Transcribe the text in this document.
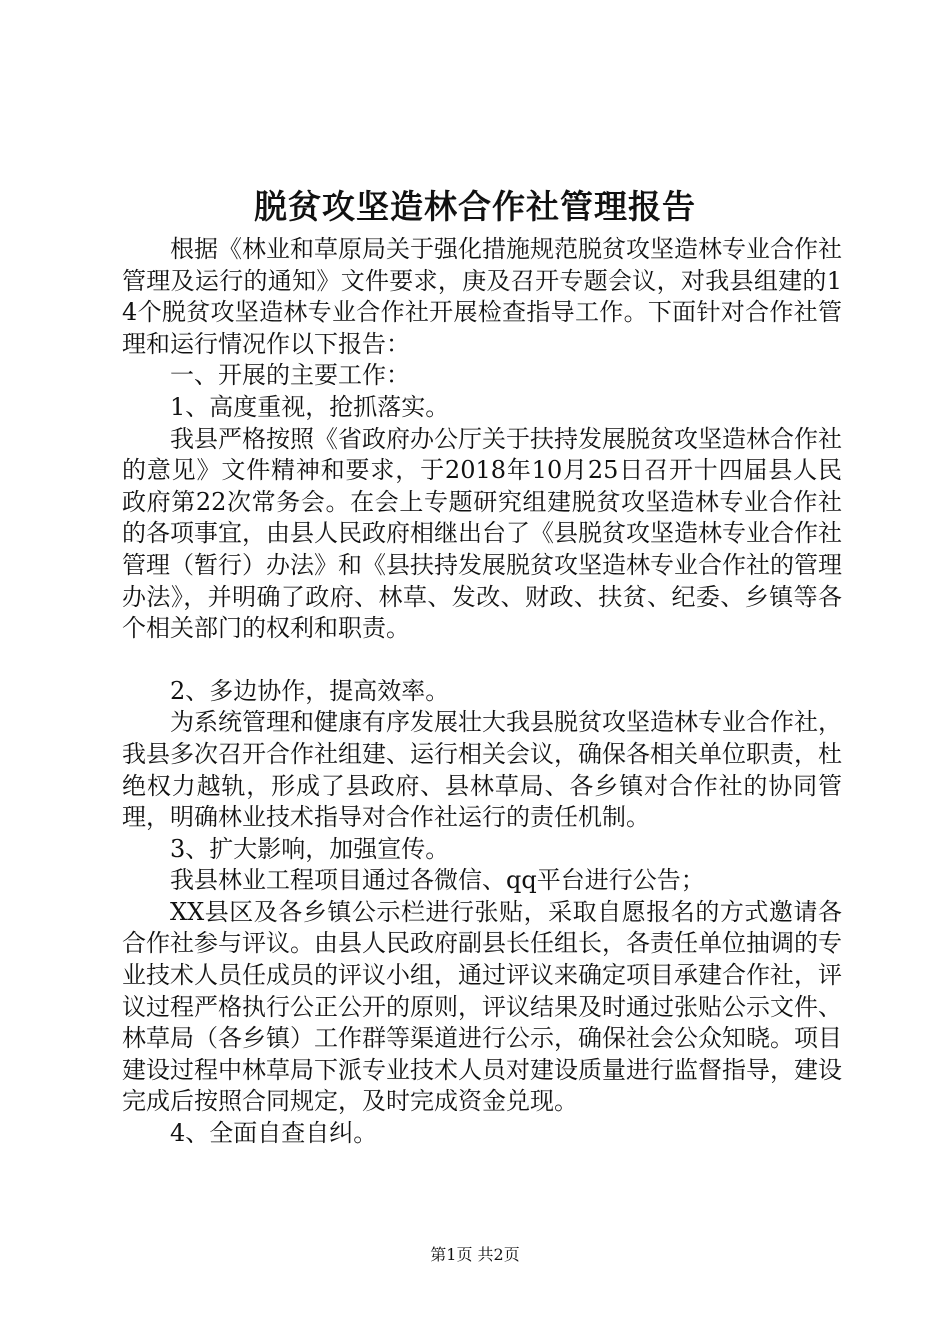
脱贫攻坚造林合作社管理报告

根据《林业和草原局关于强化措施规范脱贫攻坚造林专业合作社管理及运行的通知》文件要求，庚及召开专题会议，对我县组建的14个脱贫攻坚造林专业合作社开展检查指导工作。下面针对合作社管理和运行情况作以下报告：

一、开展的主要工作：

1、高度重视，抢抓落实。

我县严格按照《省政府办公厅关于扶持发展脱贫攻坚造林合作社的意见》文件精神和要求，于2018年10月25日召开十四届县人民政府第22次常务会。在会上专题研究组建脱贫攻坚造林专业合作社的各项事宜，由县人民政府相继出台了《县脱贫攻坚造林专业合作社管理（暂行）办法》和《县扶持发展脱贫攻坚造林专业合作社的管理办法》，并明确了政府、林草、发改、财政、扶贫、纪委、乡镇等各个相关部门的权利和职责。

2、多边协作，提高效率。

为系统管理和健康有序发展壮大我县脱贫攻坚造林专业合作社，我县多次召开合作社组建、运行相关会议，确保各相关单位职责，杜绝权力越轨，形成了县政府、县林草局、各乡镇对合作社的协同管理，明确林业技术指导对合作社运行的责任机制。

3、扩大影响，加强宣传。

我县林业工程项目通过各微信、qq平台进行公告；

XX县区及各乡镇公示栏进行张贴，采取自愿报名的方式邀请各合作社参与评议。由县人民政府副县长任组长，各责任单位抽调的专业技术人员任成员的评议小组，通过评议来确定项目承建合作社，评议过程严格执行公正公开的原则，评议结果及时通过张贴公示文件、林草局（各乡镇）工作群等渠道进行公示，确保社会公众知晓。项目建设过程中林草局下派专业技术人员对建设质量进行监督指导，建设完成后按照合同规定，及时完成资金兑现。

4、全面自查自纠。

第1页 共2页
